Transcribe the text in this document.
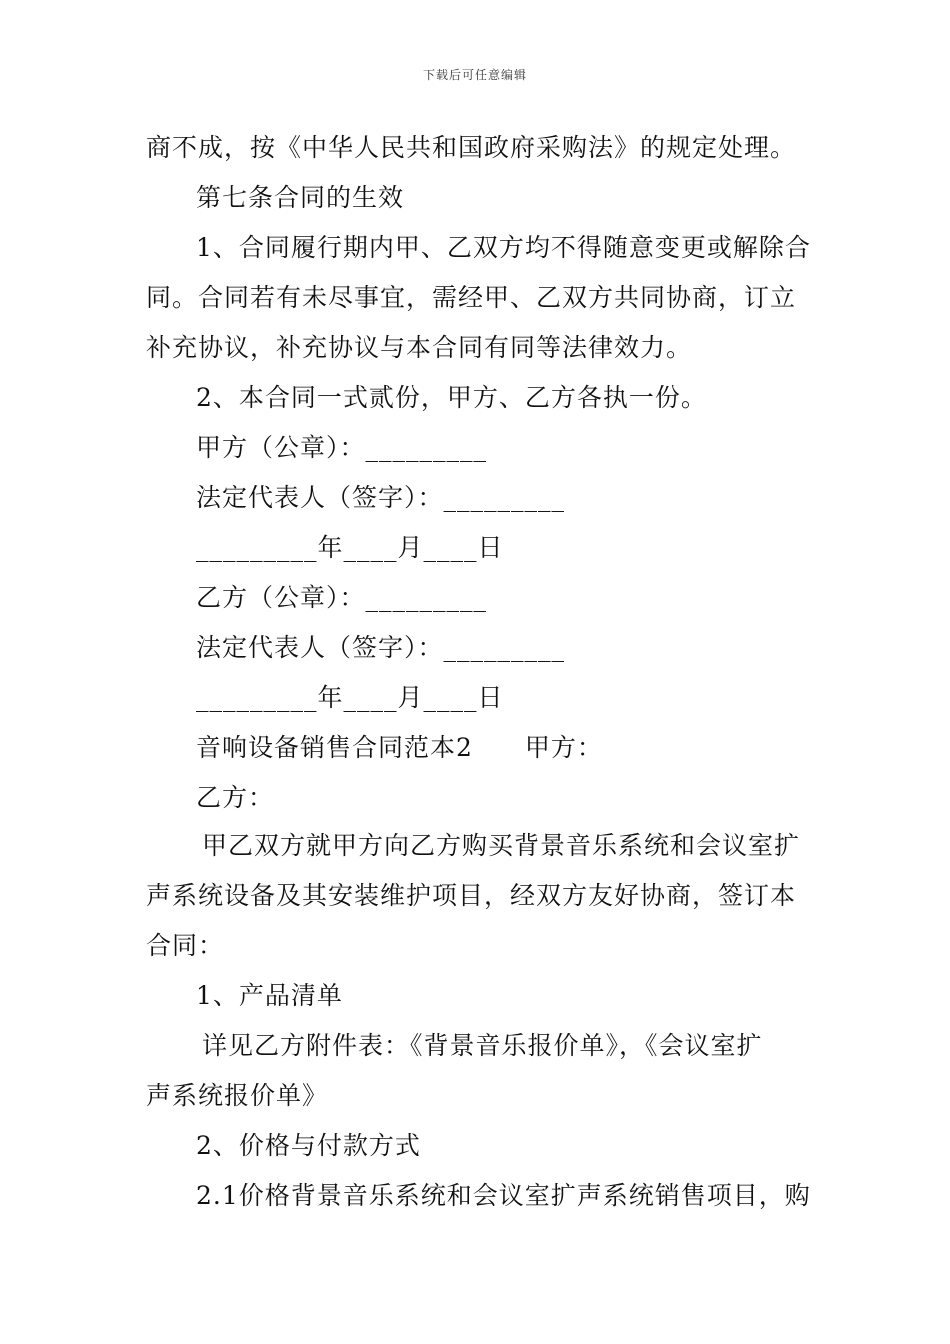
下载后可任意编辑
商不成，按《中华人民共和国政府采购法》的规定处理。
第七条合同的生效
1、合同履行期内甲、乙双方均不得随意变更或解除合
同。合同若有未尽事宜，需经甲、乙双方共同协商，订立
补充协议，补充协议与本合同有同等法律效力。
2、本合同一式贰份，甲方、乙方各执一份。
甲方（公章）：_________
法定代表人（签字）：_________
_________年____月____日
乙方（公章）：_________
法定代表人（签字）：_________
_________年____月____日
音响设备销售合同范本2　　甲方：
乙方：
甲乙双方就甲方向乙方购买背景音乐系统和会议室扩
声系统设备及其安装维护项目，经双方友好协商，签订本
合同：
1、产品清单
详见乙方附件表：《背景音乐报价单》，《会议室扩
声系统报价单》
2、价格与付款方式
2.1价格背景音乐系统和会议室扩声系统销售项目，购
